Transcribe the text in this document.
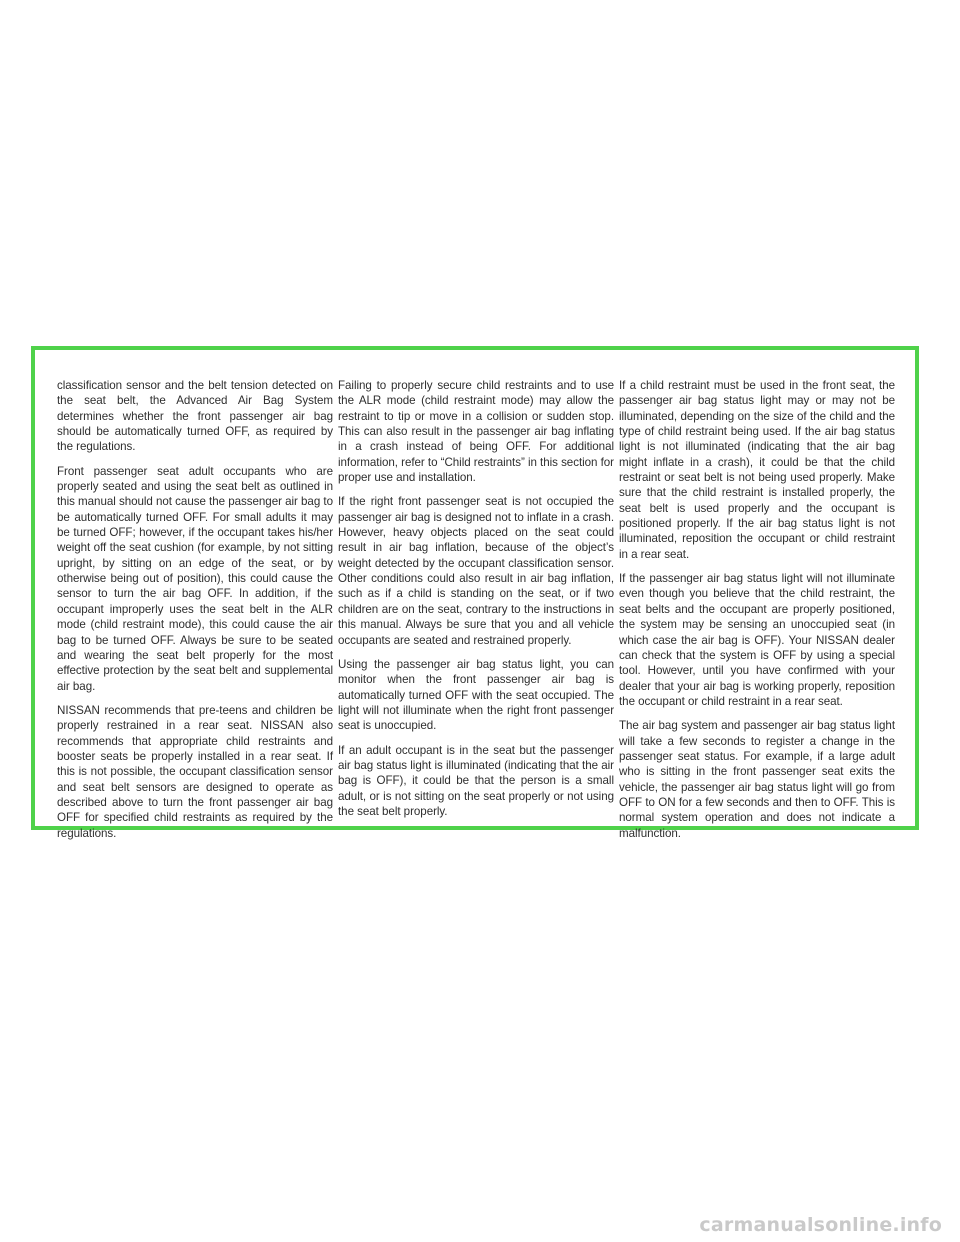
classification sensor and the belt tension detected on the seat belt, the Advanced Air Bag System determines whether the front passenger air bag should be automatically turned OFF, as required by the regulations.

Front passenger seat adult occupants who are properly seated and using the seat belt as outlined in this manual should not cause the passenger air bag to be automatically turned OFF. For small adults it may be turned OFF; however, if the occupant takes his/her weight off the seat cushion (for example, by not sitting upright, by sitting on an edge of the seat, or by otherwise being out of position), this could cause the sensor to turn the air bag OFF. In addition, if the occupant improperly uses the seat belt in the ALR mode (child restraint mode), this could cause the air bag to be turned OFF. Always be sure to be seated and wearing the seat belt properly for the most effective protection by the seat belt and supplemental air bag.

NISSAN recommends that pre-teens and children be properly restrained in a rear seat. NISSAN also recommends that appropriate child restraints and booster seats be properly installed in a rear seat. If this is not possible, the occupant classification sensor and seat belt sensors are designed to operate as described above to turn the front passenger air bag OFF for specified child restraints as required by the regulations.

Failing to properly secure child restraints and to use the ALR mode (child restraint mode) may allow the restraint to tip or move in a collision or sudden stop. This can also result in the passenger air bag inflating in a crash instead of being OFF. For additional information, refer to “Child restraints” in this section for proper use and installation.

If the right front passenger seat is not occupied the passenger air bag is designed not to inflate in a crash. However, heavy objects placed on the seat could result in air bag inflation, because of the object’s weight detected by the occupant classification sensor. Other conditions could also result in air bag inflation, such as if a child is standing on the seat, or if two children are on the seat, contrary to the instructions in this manual. Always be sure that you and all vehicle occupants are seated and restrained properly.

Using the passenger air bag status light, you can monitor when the front passenger air bag is automatically turned OFF with the seat occupied. The light will not illuminate when the right front passenger seat is unoccupied.

If an adult occupant is in the seat but the passenger air bag status light is illuminated (indicating that the air bag is OFF), it could be that the person is a small adult, or is not sitting on the seat properly or not using the seat belt properly.

If a child restraint must be used in the front seat, the passenger air bag status light may or may not be illuminated, depending on the size of the child and the type of child restraint being used. If the air bag status light is not illuminated (indicating that the air bag might inflate in a crash), it could be that the child restraint or seat belt is not being used properly. Make sure that the child restraint is installed properly, the seat belt is used properly and the occupant is positioned properly. If the air bag status light is not illuminated, reposition the occupant or child restraint in a rear seat.

If the passenger air bag status light will not illuminate even though you believe that the child restraint, the seat belts and the occupant are properly positioned, the system may be sensing an unoccupied seat (in which case the air bag is OFF). Your NISSAN dealer can check that the system is OFF by using a special tool. However, until you have confirmed with your dealer that your air bag is working properly, reposition the occupant or child restraint in a rear seat.

The air bag system and passenger air bag status light will take a few seconds to register a change in the passenger seat status. For example, if a large adult who is sitting in the front passenger seat exits the vehicle, the passenger air bag status light will go from OFF to ON for a few seconds and then to OFF. This is normal system operation and does not indicate a malfunction.

carmanualsonline.info
